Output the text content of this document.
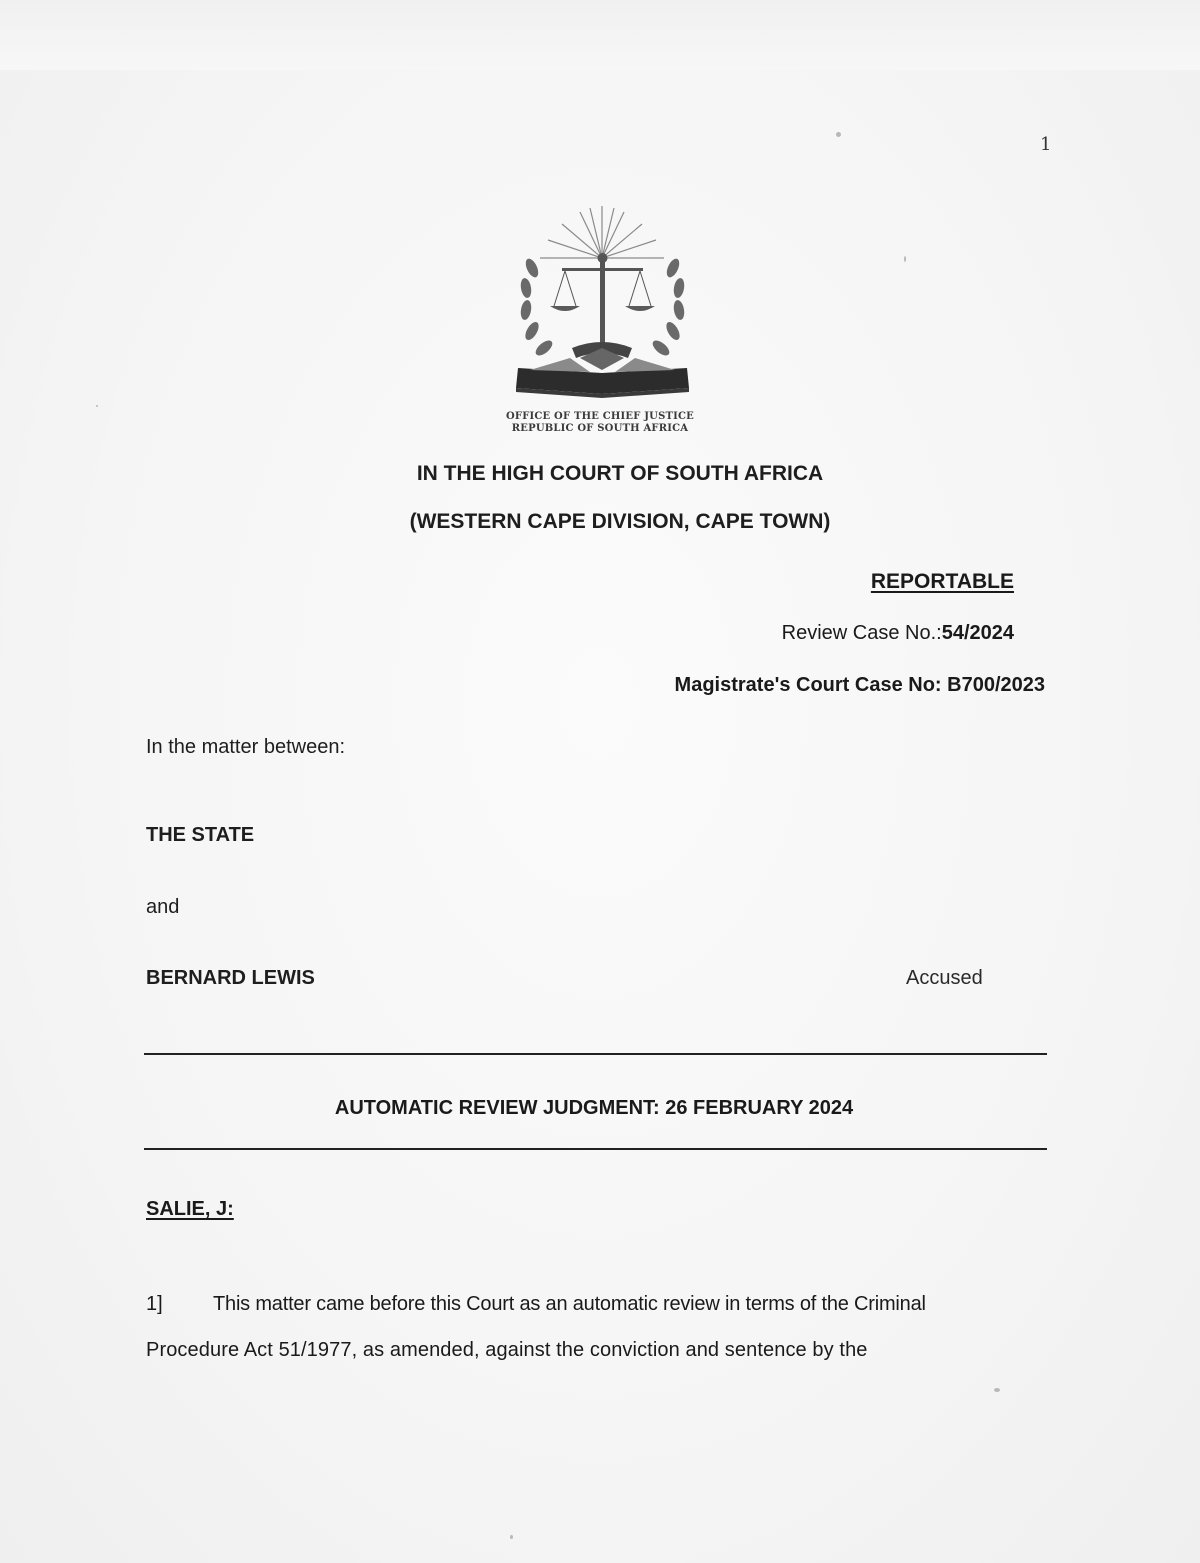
1
OFFICE OF THE CHIEF JUSTICE
REPUBLIC OF SOUTH AFRICA
IN THE HIGH COURT OF SOUTH AFRICA
(WESTERN CAPE DIVISION, CAPE TOWN)
REPORTABLE
Review Case No.:54/2024
Magistrate's Court Case No: B700/2023
In the matter between:
THE STATE
and
BERNARD LEWIS	Accused
AUTOMATIC REVIEW JUDGMENT: 26 FEBRUARY 2024
SALIE, J:
1]	This matter came before this Court as an automatic review in terms of the Criminal
Procedure Act 51/1977, as amended, against the conviction and sentence by the
